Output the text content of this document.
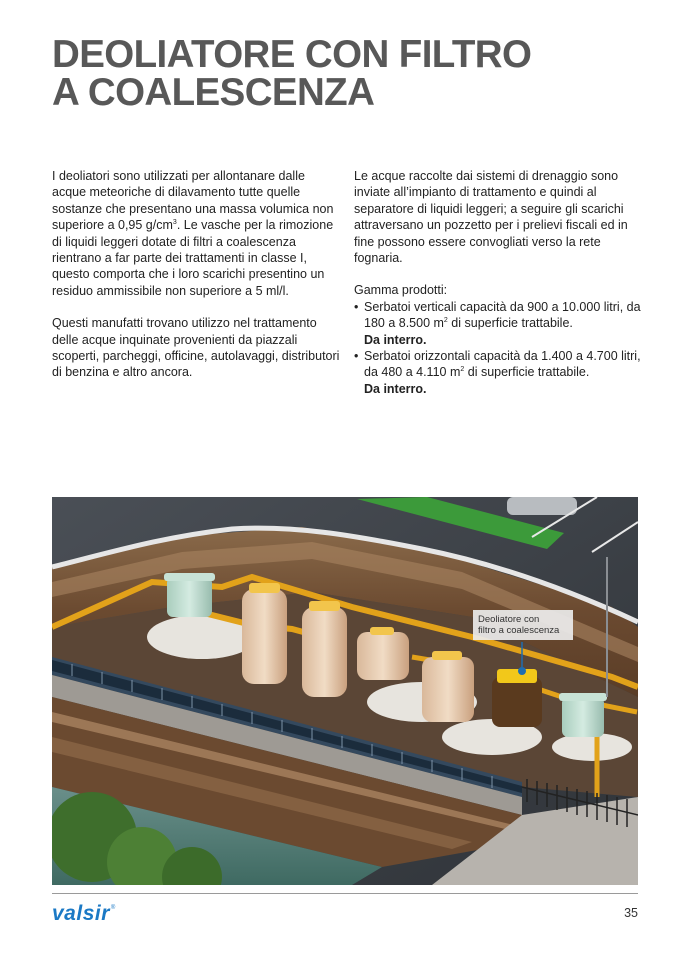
DEOLIATORE CON FILTRO
A COALESCENZA

I deoliatori sono utilizzati per allontanare dalle acque meteoriche di dilavamento tutte quelle sostanze che presentano una massa volumica non superiore a 0,95 $g/cm^3$. Le vasche per la rimozione di liquidi leggeri dotate di filtri a coalescenza rientrano a far parte dei trattamenti in classe I, questo comporta che i loro scarichi presentino un residuo ammissibile non superiore a 5 ml/l.

Questi manufatti trovano utilizzo nel trattamento delle acque inquinate provenienti da piazzali scoperti, parcheggi, officine, autolavaggi, distributori di benzina e altro ancora.

Le acque raccolte dai sistemi di drenaggio sono inviate all’impianto di trattamento e quindi al separatore di liquidi leggeri; a seguire gli scarichi attraversano un pozzetto per i prelievi fiscali ed in fine possono essere convogliati verso la rete fognaria.

Gamma prodotti:

• Serbatoi verticali capacità da 900 a 10.000 litri, da 180 a 8.500 $m^2$ di superficie trattabile.
Da interro.
• Serbatoi orizzontali capacità da 1.400 a 4.700 litri, da 480 a 4.110 $m^2$ di superficie trattabile.
Da interro.
Deoliatore con
filtro a coalescenza
valsir®	35
